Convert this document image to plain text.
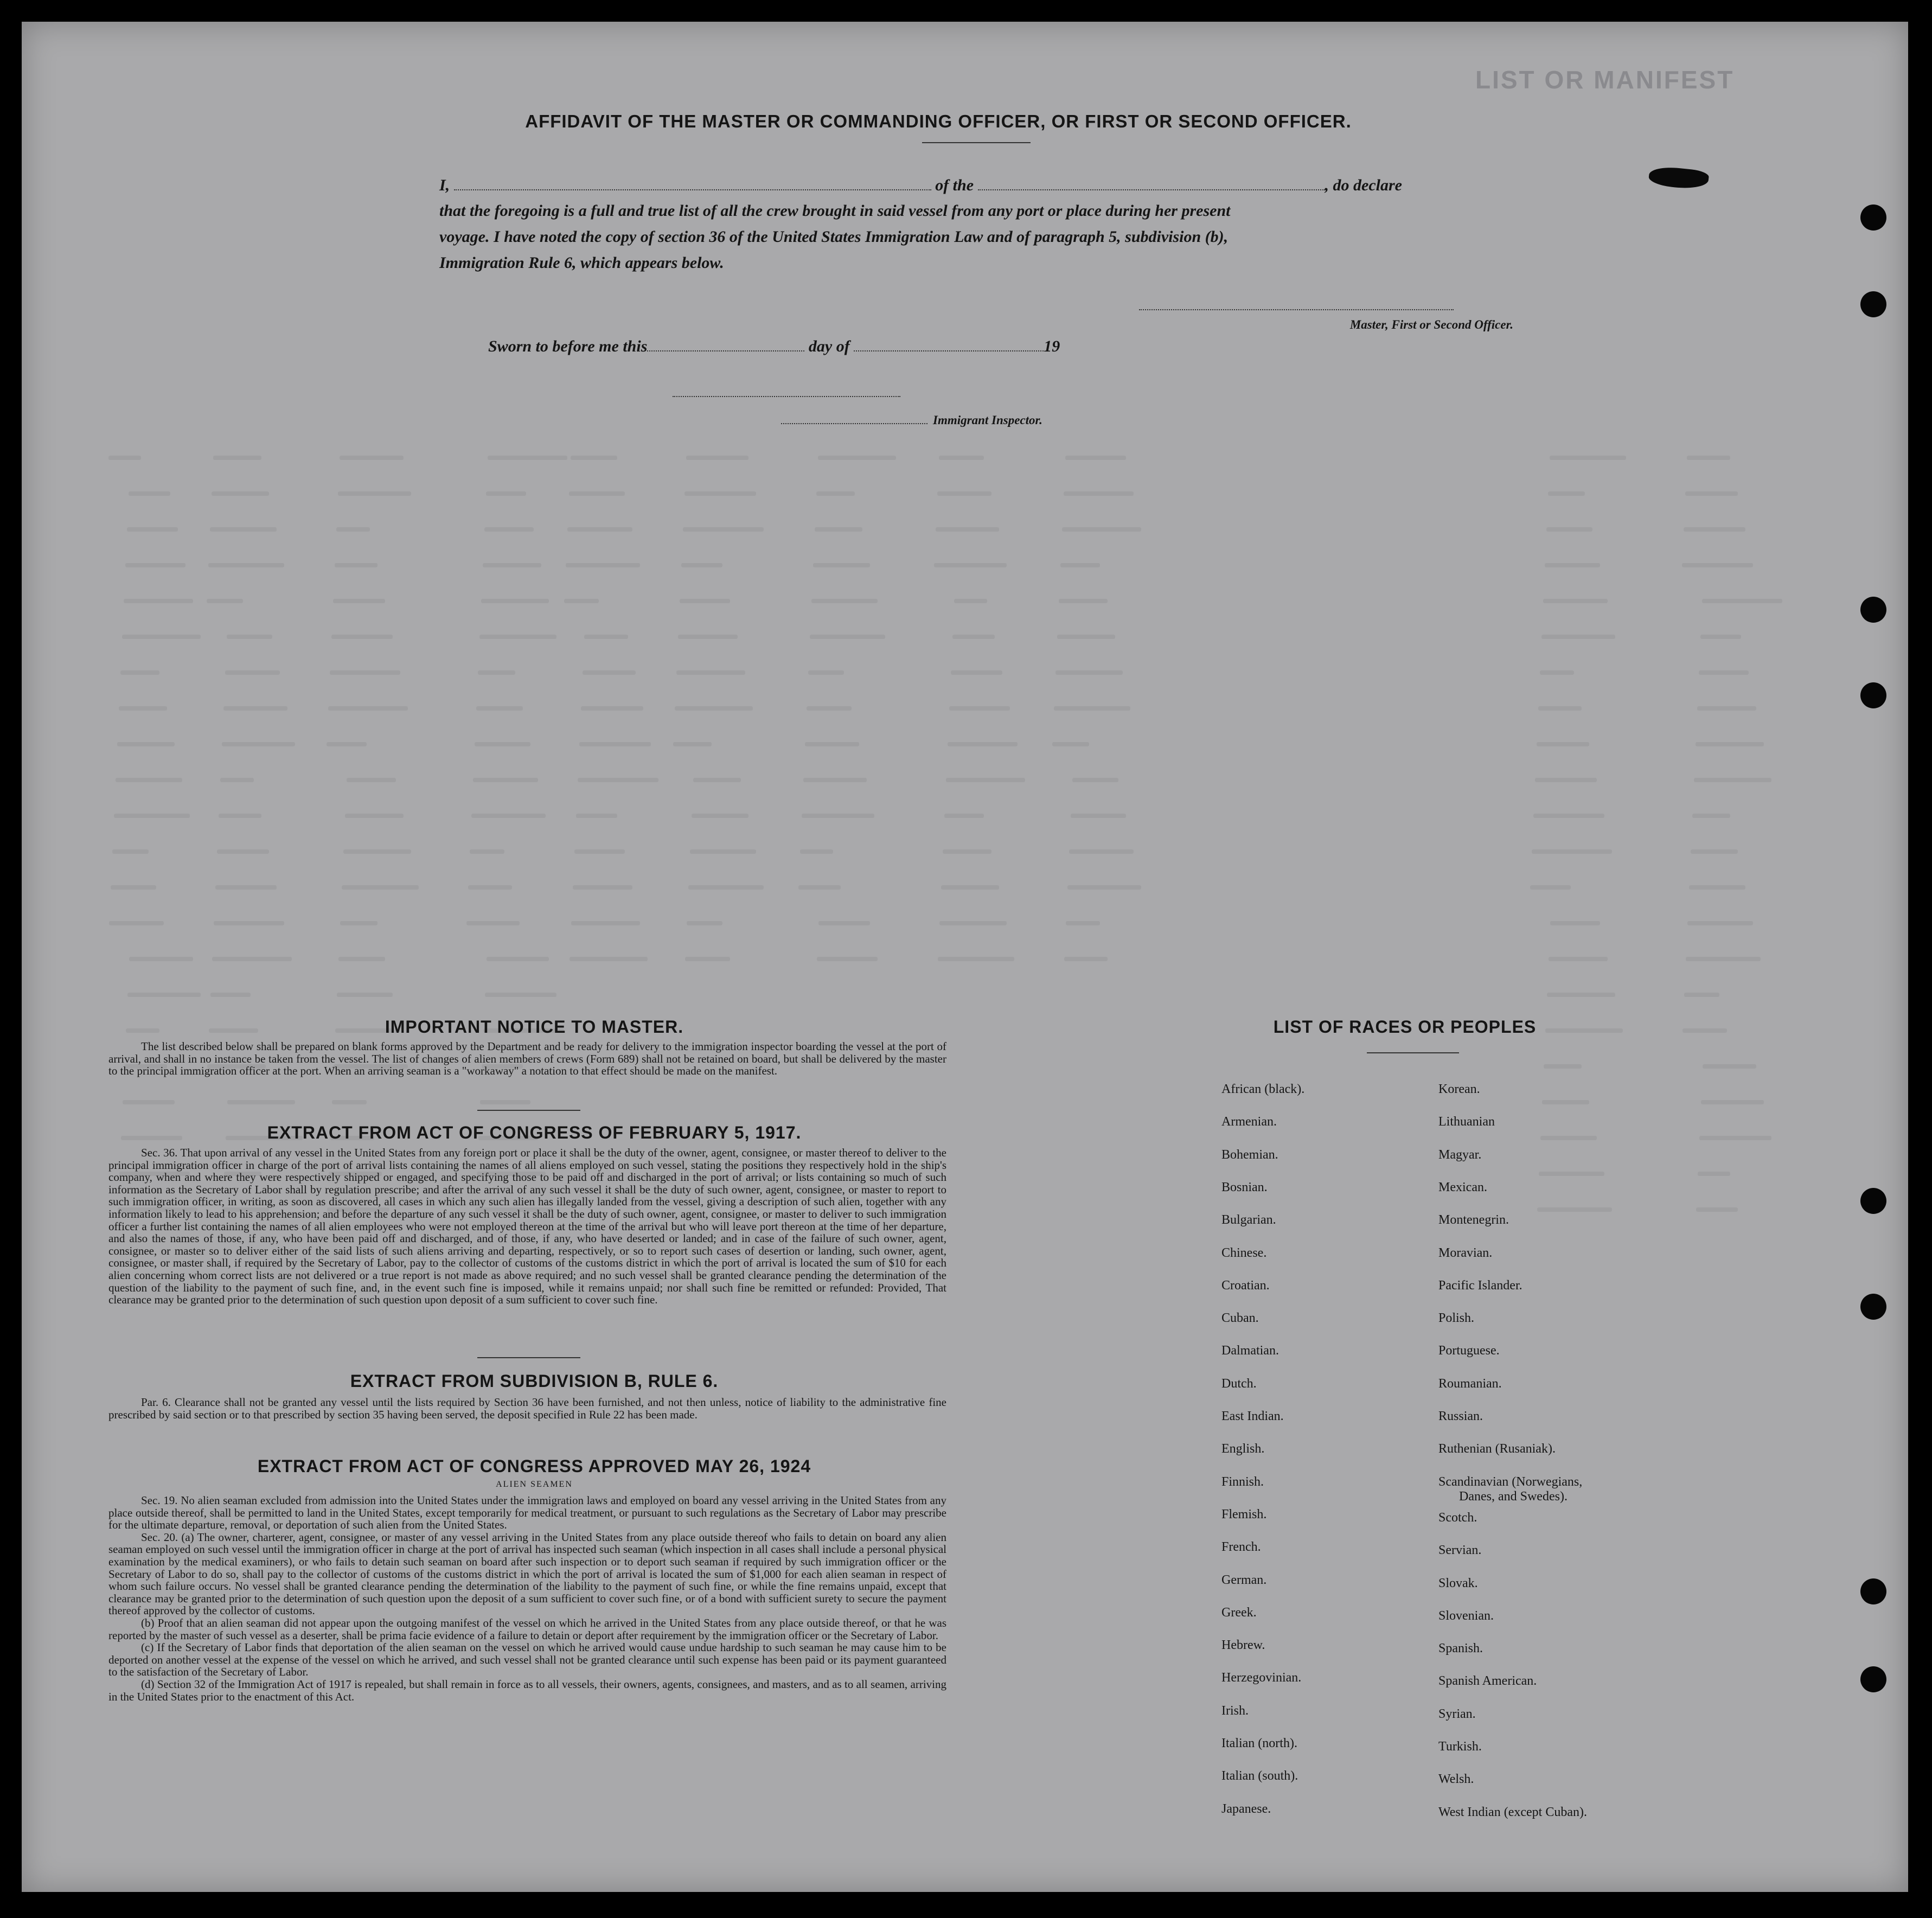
LIST OR MANIFEST
AFFIDAVIT OF THE MASTER OR COMMANDING OFFICER, OR FIRST OR SECOND OFFICER.
I,	of the	, do declare
that the foregoing is a full and true list of all the crew brought in said vessel from any port or place during her present
voyage. I have noted the copy of section 36 of the United States Immigration Law and of paragraph 5, subdivision (b),
Immigration Rule 6, which appears below.
Master, First or Second Officer.
Sworn to before me this	day of	19
Immigrant Inspector.
IMPORTANT NOTICE TO MASTER.

The list described below shall be prepared on blank forms approved by the Department and be ready for delivery to the immigration inspector boarding the vessel at the port of arrival, and shall in no instance be taken from the vessel. The list of changes of alien members of crews (Form 689) shall not be retained on board, but shall be delivered by the master to the principal immigration officer at the port. When an arriving seaman is a "workaway" a notation to that effect should be made on the manifest.

EXTRACT FROM ACT OF CONGRESS OF FEBRUARY 5, 1917.

Sec. 36. That upon arrival of any vessel in the United States from any foreign port or place it shall be the duty of the owner, agent, consignee, or master thereof to deliver to the principal immigration officer in charge of the port of arrival lists containing the names of all aliens employed on such vessel, stating the positions they respectively hold in the ship's company, when and where they were respectively shipped or engaged, and specifying those to be paid off and discharged in the port of arrival; or lists containing so much of such information as the Secretary of Labor shall by regulation prescribe; and after the arrival of any such vessel it shall be the duty of such owner, agent, consignee, or master to report to such immigration officer, in writing, as soon as discovered, all cases in which any such alien has illegally landed from the vessel, giving a description of such alien, together with any information likely to lead to his apprehension; and before the departure of any such vessel it shall be the duty of such owner, agent, consignee, or master to deliver to such immigration officer a further list containing the names of all alien employees who were not employed thereon at the time of the arrival but who will leave port thereon at the time of her departure, and also the names of those, if any, who have been paid off and discharged, and of those, if any, who have deserted or landed; and in case of the failure of such owner, agent, consignee, or master so to deliver either of the said lists of such aliens arriving and departing, respectively, or so to report such cases of desertion or landing, such owner, agent, consignee, or master shall, if required by the Secretary of Labor, pay to the collector of customs of the customs district in which the port of arrival is located the sum of $10 for each alien concerning whom correct lists are not delivered or a true report is not made as above required; and no such vessel shall be granted clearance pending the determination of the question of the liability to the payment of such fine, and, in the event such fine is imposed, while it remains unpaid; nor shall such fine be remitted or refunded: Provided, That clearance may be granted prior to the determination of such question upon deposit of a sum sufficient to cover such fine.

EXTRACT FROM SUBDIVISION B, RULE 6.

Par. 6. Clearance shall not be granted any vessel until the lists required by Section 36 have been furnished, and not then unless, notice of liability to the administrative fine prescribed by said section or to that prescribed by section 35 having been served, the deposit specified in Rule 22 has been made.

EXTRACT FROM ACT OF CONGRESS APPROVED MAY 26, 1924
ALIEN SEAMEN

Sec. 19. No alien seaman excluded from admission into the United States under the immigration laws and employed on board any vessel arriving in the United States from any place outside thereof, shall be permitted to land in the United States, except temporarily for medical treatment, or pursuant to such regulations as the Secretary of Labor may prescribe for the ultimate departure, removal, or deportation of such alien from the United States.

Sec. 20. (a) The owner, charterer, agent, consignee, or master of any vessel arriving in the United States from any place outside thereof who fails to detain on board any alien seaman employed on such vessel until the immigration officer in charge at the port of arrival has inspected such seaman (which inspection in all cases shall include a personal physical examination by the medical examiners), or who fails to detain such seaman on board after such inspection or to deport such seaman if required by such immigration officer or the Secretary of Labor to do so, shall pay to the collector of customs of the customs district in which the port of arrival is located the sum of $1,000 for each alien seaman in respect of whom such failure occurs. No vessel shall be granted clearance pending the determination of the liability to the payment of such fine, or while the fine remains unpaid, except that clearance may be granted prior to the determination of such question upon the deposit of a sum sufficient to cover such fine, or of a bond with sufficient surety to secure the payment thereof approved by the collector of customs.

(b) Proof that an alien seaman did not appear upon the outgoing manifest of the vessel on which he arrived in the United States from any place outside thereof, or that he was reported by the master of such vessel as a deserter, shall be prima facie evidence of a failure to detain or deport after requirement by the immigration officer or the Secretary of Labor.

(c) If the Secretary of Labor finds that deportation of the alien seaman on the vessel on which he arrived would cause undue hardship to such seaman he may cause him to be deported on another vessel at the expense of the vessel on which he arrived, and such vessel shall not be granted clearance until such expense has been paid or its payment guaranteed to the satisfaction of the Secretary of Labor.

(d) Section 32 of the Immigration Act of 1917 is repealed, but shall remain in force as to all vessels, their owners, agents, consignees, and masters, and as to all seamen, arriving in the United States prior to the enactment of this Act.

LIST OF RACES OR PEOPLES
African (black).
Armenian.
Bohemian.
Bosnian.
Bulgarian.
Chinese.
Croatian.
Cuban.
Dalmatian.
Dutch.
East Indian.
English.
Finnish.
Flemish.
French.
German.
Greek.
Hebrew.
Herzegovinian.
Irish.
Italian (north).
Italian (south).
Japanese.
Korean.
Lithuanian
Magyar.
Mexican.
Montenegrin.
Moravian.
Pacific Islander.
Polish.
Portuguese.
Roumanian.
Russian.
Ruthenian (Rusaniak).
Scandinavian (Norwegians,
Danes, and Swedes).
Scotch.
Servian.
Slovak.
Slovenian.
Spanish.
Spanish American.
Syrian.
Turkish.
Welsh.
West Indian (except Cuban).
